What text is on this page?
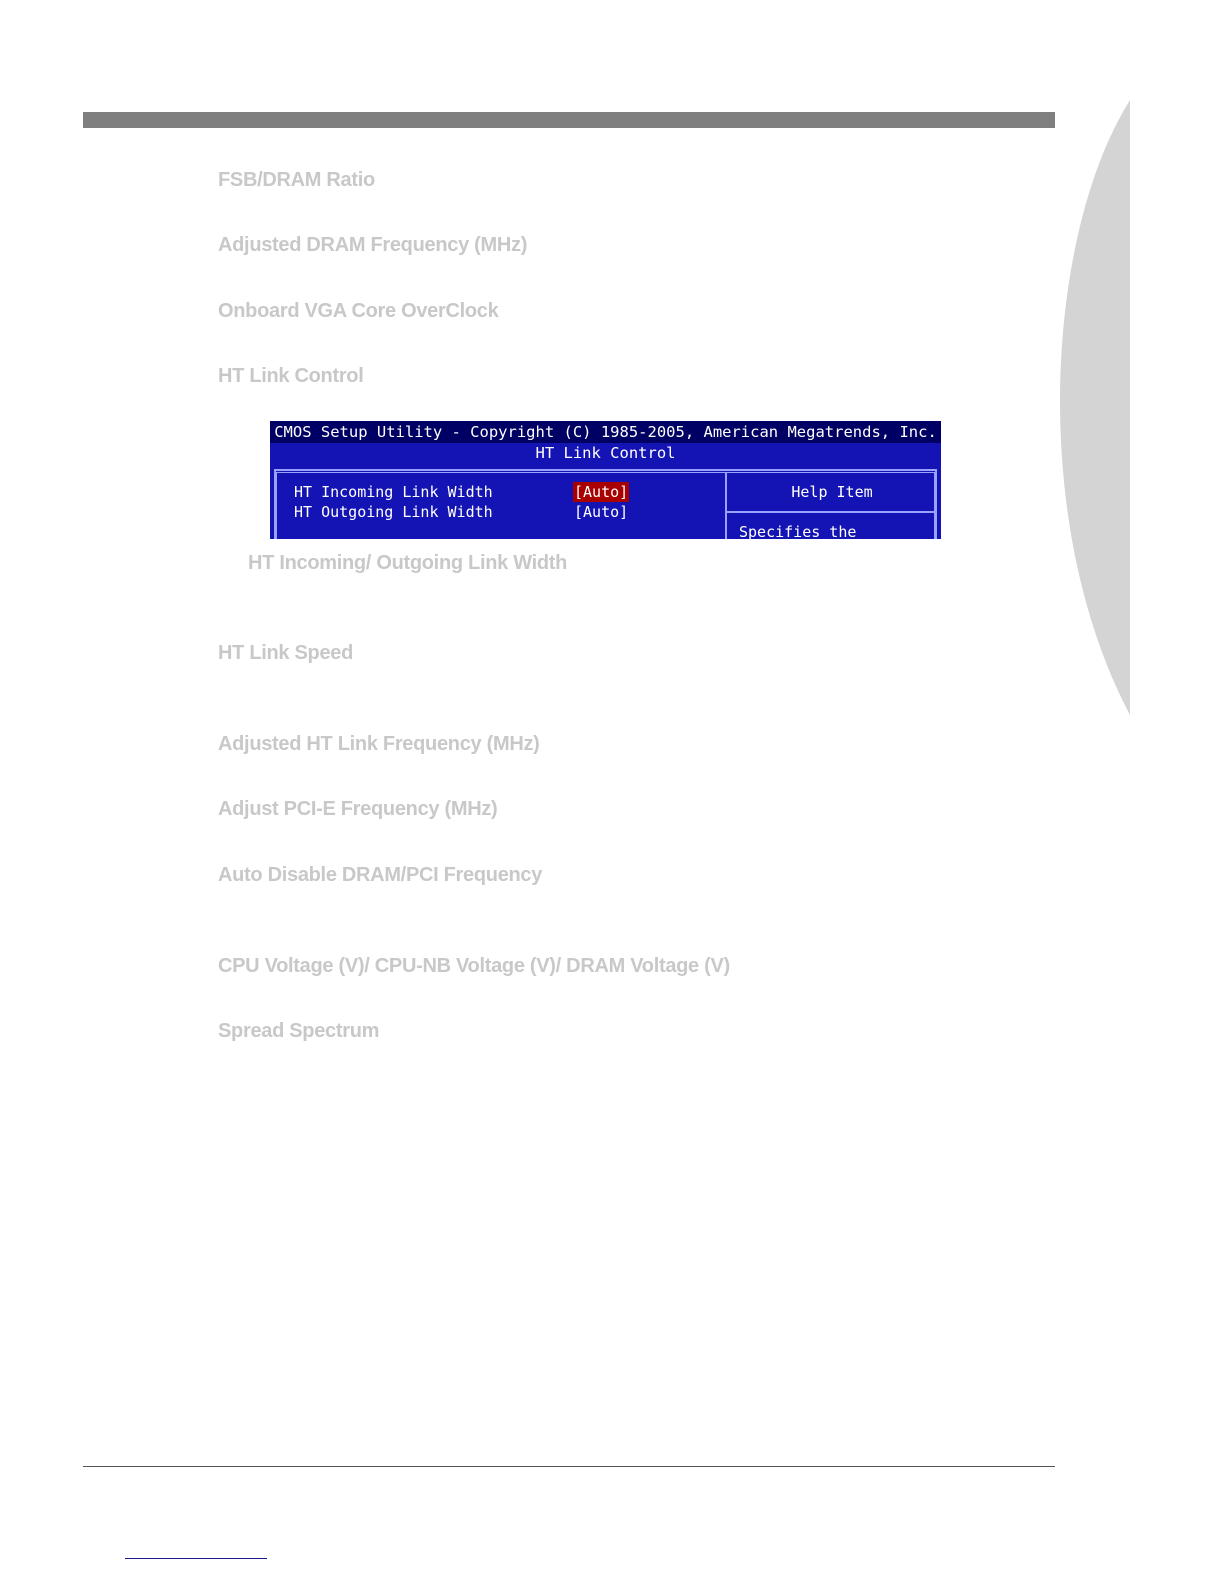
FSB/DRAM Ratio
Adjusted DRAM Frequency (MHz)
Onboard VGA Core OverClock
HT Link Control
CMOS Setup Utility - Copyright (C) 1985-2005, American Megatrends, Inc.
HT Link Control
HT Incoming Link Width	[Auto]
HT Outgoing Link Width	[Auto]
Help Item
Specifies the
HT Incoming/ Outgoing Link Width
HT Link Speed
Adjusted HT Link Frequency (MHz)
Adjust PCI-E Frequency (MHz)
Auto Disable DRAM/PCI Frequency
CPU Voltage (V)/ CPU-NB Voltage (V)/ DRAM Voltage (V)
Spread Spectrum
